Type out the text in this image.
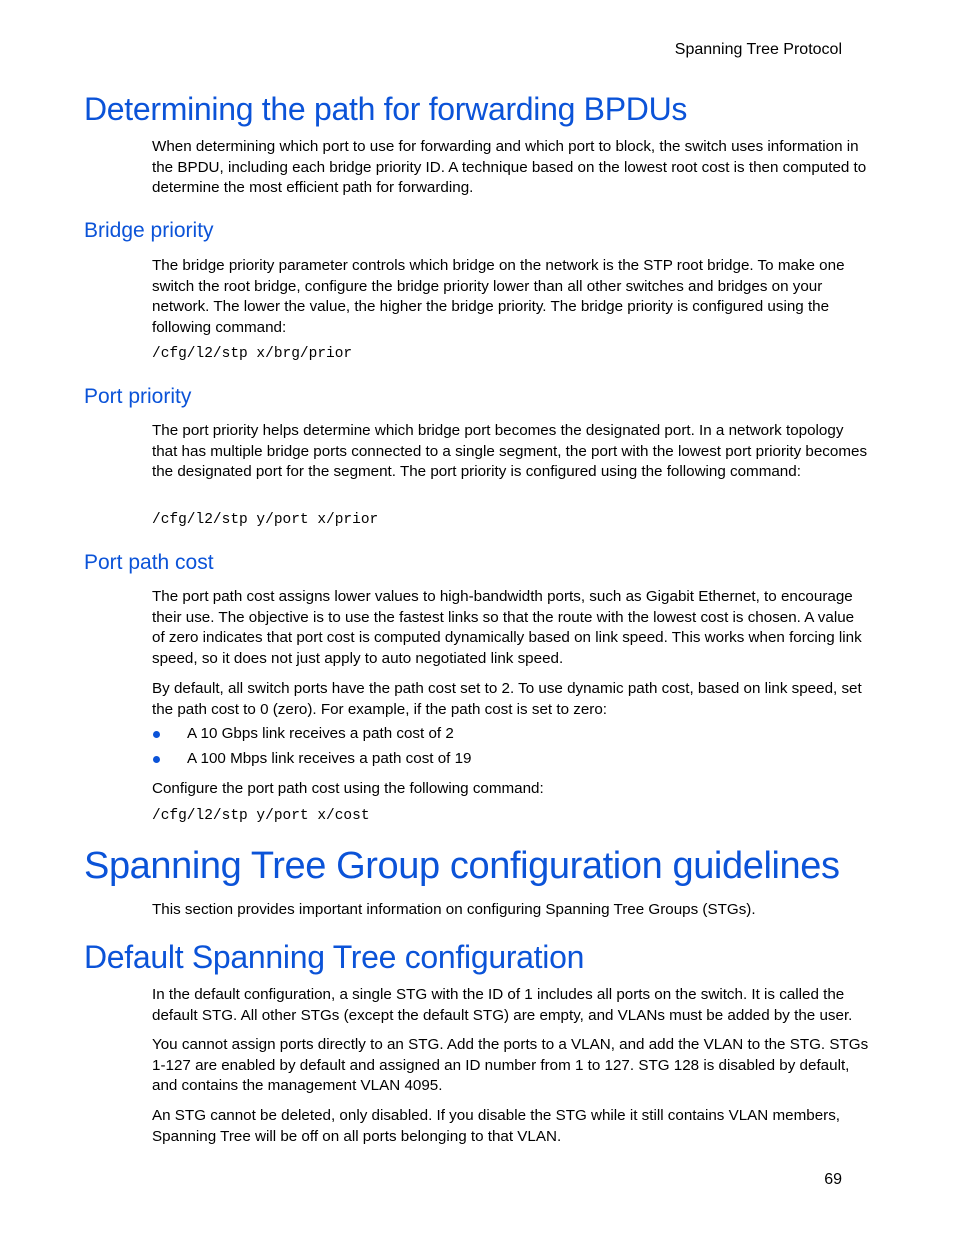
Spanning Tree Protocol
Determining the path for forwarding BPDUs

When determining which port to use for forwarding and which port to block, the switch uses information in the BPDU, including each bridge priority ID. A technique based on the lowest root cost is then computed to determine the most efficient path for forwarding.

Bridge priority

The bridge priority parameter controls which bridge on the network is the STP root bridge. To make one switch the root bridge, configure the bridge priority lower than all other switches and bridges on your network. The lower the value, the higher the bridge priority. The bridge priority is configured using the following command:

/cfg/l2/stp x/brg/prior
Port priority

The port priority helps determine which bridge port becomes the designated port. In a network topology that has multiple bridge ports connected to a single segment, the port with the lowest port priority becomes the designated port for the segment. The port priority is configured using the following command:

/cfg/l2/stp y/port x/prior
Port path cost

The port path cost assigns lower values to high-bandwidth ports, such as Gigabit Ethernet, to encourage their use. The objective is to use the fastest links so that the route with the lowest cost is chosen. A value of zero indicates that port cost is computed dynamically based on link speed. This works when forcing link speed, so it does not just apply to auto negotiated link speed.

By default, all switch ports have the path cost set to 2. To use dynamic path cost, based on link speed, set the path cost to 0 (zero). For example, if the path cost is set to zero:

A 10 Gbps link receives a path cost of 2
A 100 Mbps link receives a path cost of 19

Configure the port path cost using the following command:

/cfg/l2/stp y/port x/cost
Spanning Tree Group configuration guidelines

This section provides important information on configuring Spanning Tree Groups (STGs).

Default Spanning Tree configuration

In the default configuration, a single STG with the ID of 1 includes all ports on the switch. It is called the default STG. All other STGs (except the default STG) are empty, and VLANs must be added by the user.

You cannot assign ports directly to an STG. Add the ports to a VLAN, and add the VLAN to the STG. STGs 1-127 are enabled by default and assigned an ID number from 1 to 127. STG 128 is disabled by default, and contains the management VLAN 4095.

An STG cannot be deleted, only disabled. If you disable the STG while it still contains VLAN members, Spanning Tree will be off on all ports belonging to that VLAN.

69
